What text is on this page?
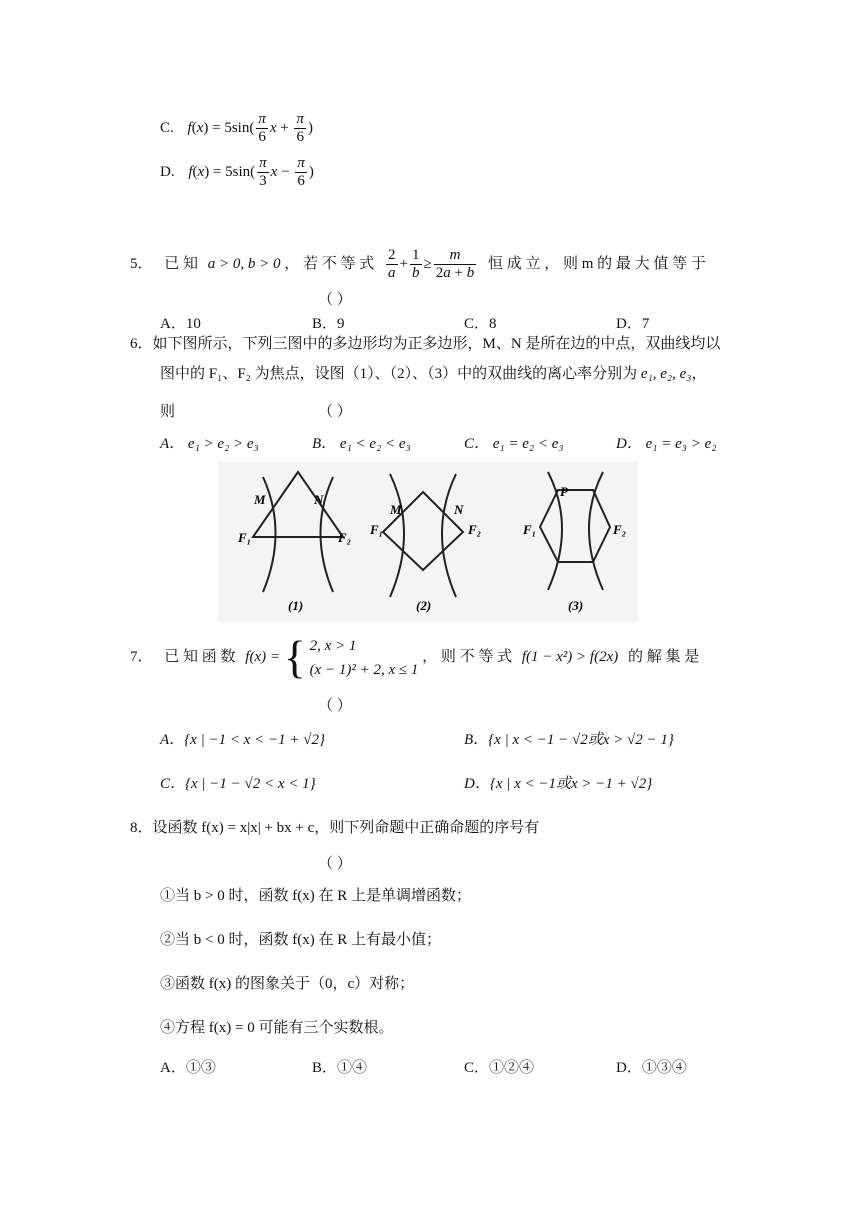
C. $f(x) = 5\sin( \frac{\pi}{6}$ $x + \frac{\pi}{6}$ )
D. $f(x) = 5\sin( \frac{\pi}{3}$ $x - \frac{\pi}{6}$ )
5． 已 知 a > 0, b > 0 ， 若 不 等 式 $\frac{2}{a} + \frac{1}{b} \ge \frac{m}{2a + b}$ 恒 成 立 ， 则 m 的 最 大 值 等 于
（ ）
A．10	B．9	C．8	D．7
6．如下图所示，下列三图中的多边形均为正多边形，M、N 是所在边的中点，双曲线均以
图中的 F₁、F₂ 为焦点，设图（1）、（2）、（3）中的双曲线的离心率分别为 e₁, e₂, e₃，
则	（ ）
A． e₁ > e₂ > e₃	B． e₁ < e₂ < e₃	C． e₁ = e₂ < e₃	D． e₁ = e₃ > e₂
M	N
F₁	F₂
(1)
M	N
F₁	F₂
(2)
P
F₁	F₂
(3)
7． 已 知 函 数 f(x) = { 2, x > 1
(x − 1)² + 2, x ≤ 1
， 则 不 等 式 f(1 − x²) > f(2x) 的 解 集 是
（ ）
A．{x | −1 < x < −1 + √2}	B．{x | x < −1 − √2或x > √2 − 1}
C．{x | −1 − √2 < x < 1}	D．{x | x < −1或x > −1 + √2}
8．设函数 f(x) = x|x| + bx + c，则下列命题中正确命题的序号有
（ ）
①当 b > 0 时，函数 f(x) 在 R 上是单调增函数；
②当 b < 0 时，函数 f(x) 在 R 上有最小值；
③函数 f(x) 的图象关于（0，c）对称；
④方程 f(x) = 0 可能有三个实数根。
A．①③	B．①④	C．①②④	D．①③④
